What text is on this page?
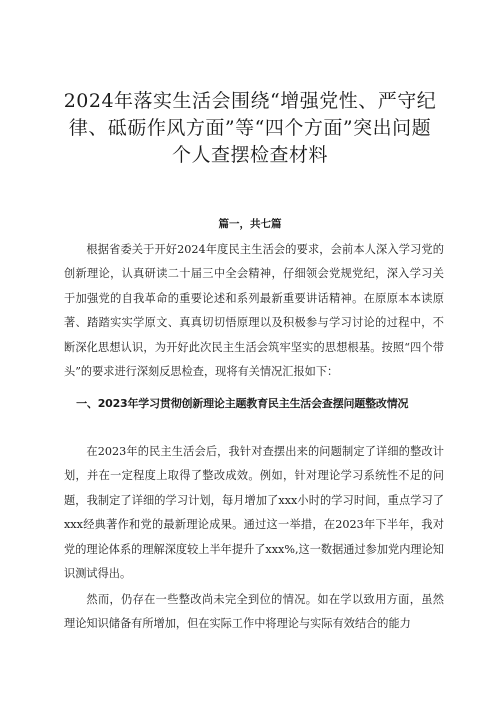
2024年落实生活会围绕“增强党性、严守纪
律、砥砺作风方面”等“四个方面”突出问题
个人查摆检查材料

篇一，共七篇

根据省委关于开好2024年度民主生活会的要求，会前本人深入学习党的创新理论，认真研读二十届三中全会精神，仔细领会党规党纪，深入学习关于加强党的自我革命的重要论述和系列最新重要讲话精神。在原原本本读原著、踏踏实实学原文、真真切切悟原理以及积极参与学习讨论的过程中，不断深化思想认识，为开好此次民主生活会筑牢坚实的思想根基。按照“四个带头”的要求进行深刻反思检查，现将有关情况汇报如下：

一、2023年学习贯彻创新理论主题教育民主生活会查摆问题整改情况

在2023年的民主生活会后，我针对查摆出来的问题制定了详细的整改计划，并在一定程度上取得了整改成效。例如，针对理论学习系统性不足的问题，我制定了详细的学习计划，每月增加了xxx小时的学习时间，重点学习了xxx经典著作和党的最新理论成果。通过这一举措，在2023年下半年，我对党的理论体系的理解深度较上半年提升了xxx%,这一数据通过参加党内理论知识测试得出。

然而，仍存在一些整改尚未完全到位的情况。如在学以致用方面，虽然理论知识储备有所增加，但在实际工作中将理论与实际有效结合的能力
